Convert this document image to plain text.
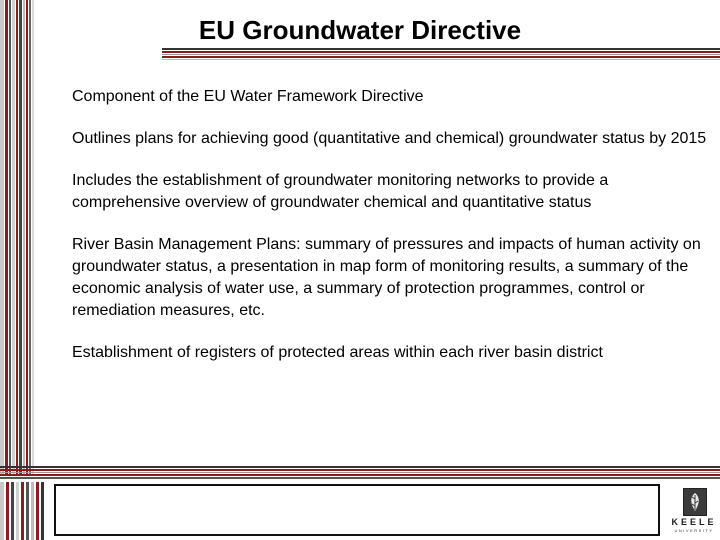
EU Groundwater Directive

Component of the EU Water Framework Directive

Outlines plans for achieving good (quantitative and chemical) groundwater status by 2015

Includes the establishment of groundwater monitoring networks to provide a comprehensive overview of groundwater chemical and quantitative status

River Basin Management Plans: summary of pressures and impacts of human activity on groundwater status, a presentation in map form of monitoring results, a summary of the economic analysis of water use, a summary of protection programmes, control or remediation measures, etc.

Establishment of registers of protected areas within each river basin district

KEELE
UNIVERSITY
